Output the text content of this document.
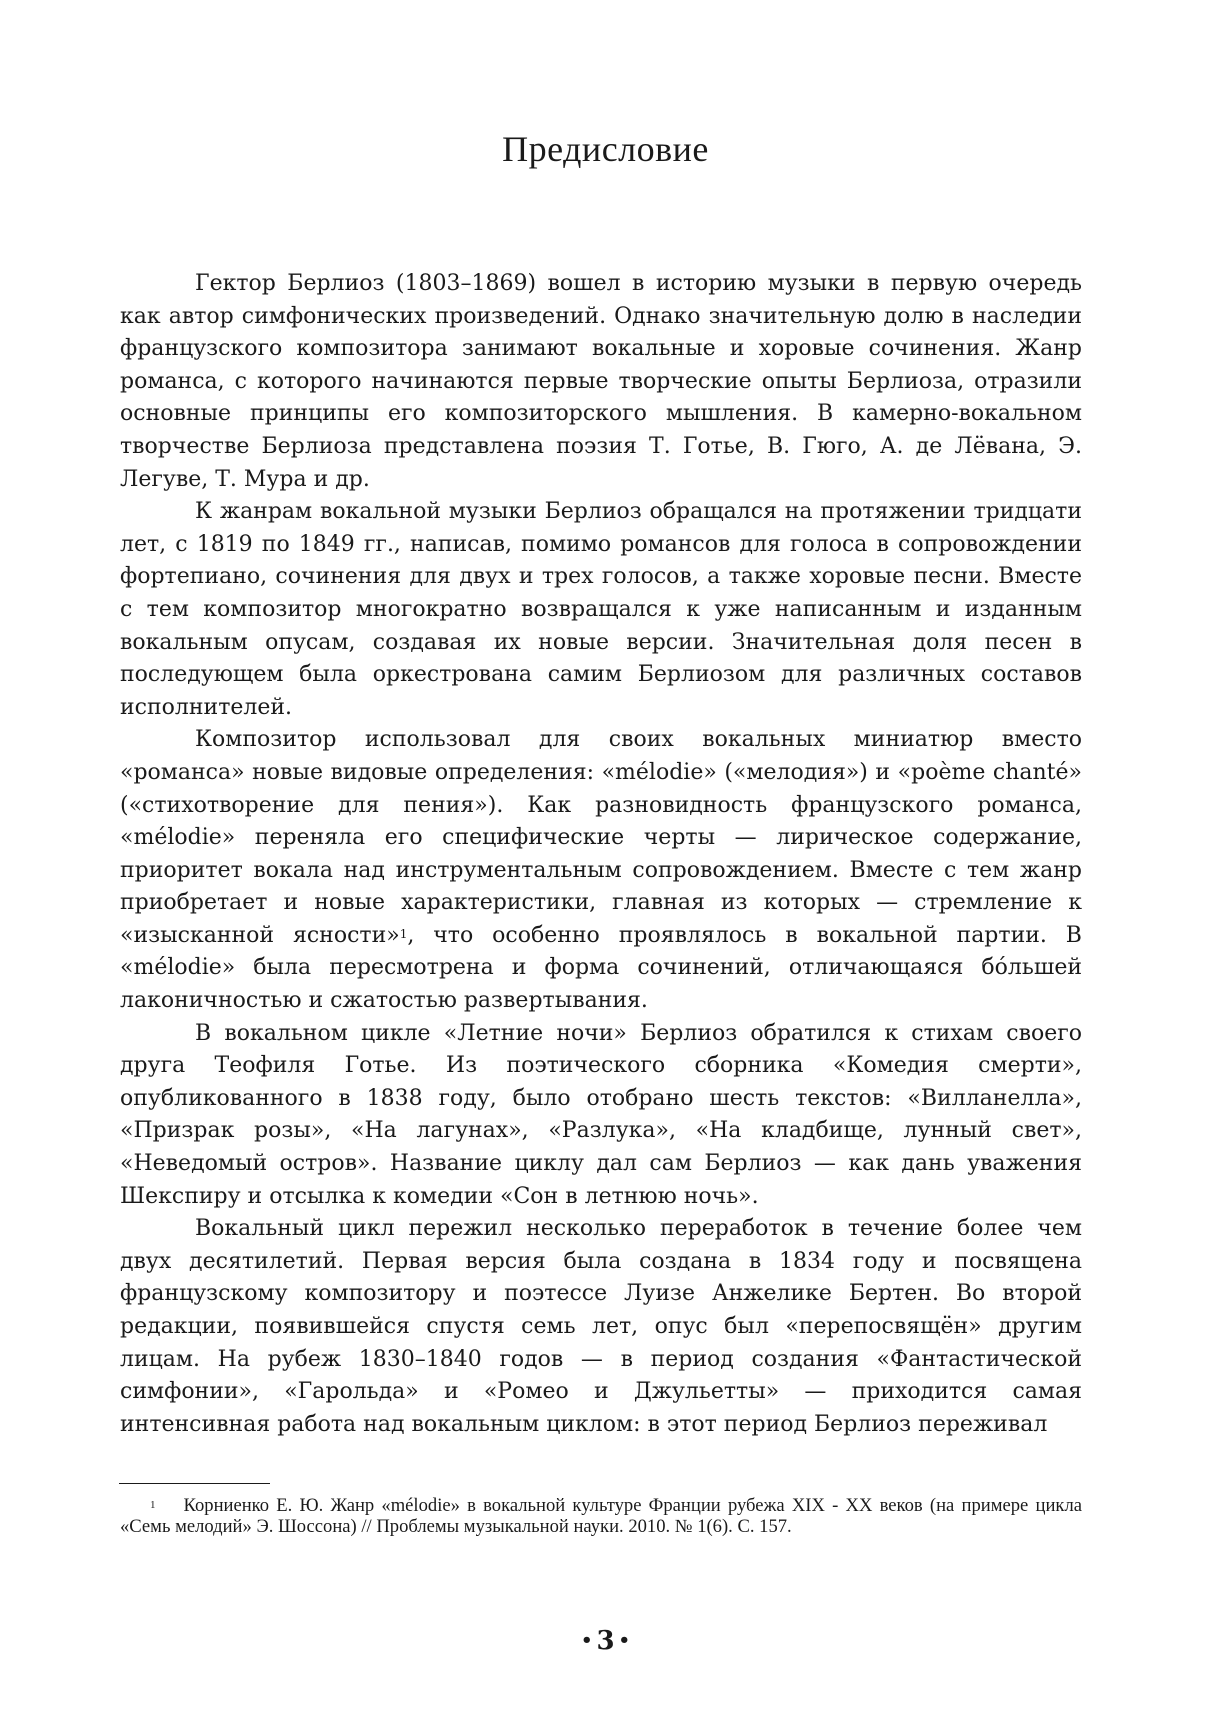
Предисловие

Гектор Берлиоз (1803–1869) вошел в историю музыки в первую очередь как автор симфонических произведений. Однако значительную долю в наследии французского композитора занимают вокальные и хоровые сочинения. Жанр романса, с которого начинаются первые творческие опыты Берлиоза, отразили основные принципы его композиторского мышления. В камерно-вокальном творчестве Берлиоза представлена поэзия Т. Готье, В. Гюго, А. де Лёвана, Э. Легуве, Т. Мура и др.

К жанрам вокальной музыки Берлиоз обращался на протяжении тридцати лет, с 1819 по 1849 гг., написав, помимо романсов для голоса в сопровождении фортепиано, сочинения для двух и трех голосов, а также хоровые песни. Вместе с тем композитор многократно возвращался к уже написанным и изданным вокальным опусам, создавая их новые версии. Значительная доля песен в последующем была оркестрована самим Берлиозом для различных составов исполнителей.

Композитор использовал для своих вокальных миниатюр вместо «романса» новые видовые определения: «mélodie» («мелодия») и «poème chanté» («стихотворение для пения»). Как разновидность французского романса, «mélodie» переняла его специфические черты — лирическое содержание, приоритет вокала над инструментальным сопровождением. Вместе с тем жанр приобретает и новые характеристики, главная из которых — стремление к «изысканной ясности»$^1$, что особенно проявлялось в вокальной партии. В «mélodie» была пересмотрена и форма сочинений, отличающаяся бóльшей лаконичностью и сжатостью развертывания.

В вокальном цикле «Летние ночи» Берлиоз обратился к стихам своего друга Теофиля Готье. Из поэтического сборника «Комедия смерти», опубликованного в 1838 году, было отобрано шесть текстов: «Вилланелла», «Призрак розы», «На лагунах», «Разлука», «На кладбище, лунный свет», «Неведомый остров». Название циклу дал сам Берлиоз — как дань уважения Шекспиру и отсылка к комедии «Сон в летнюю ночь».

Вокальный цикл пережил несколько переработок в течение более чем двух десятилетий. Первая версия была создана в 1834 году и посвящена французскому композитору и поэтессе Луизе Анжелике Бертен. Во второй редакции, появившейся спустя семь лет, опус был «перепосвящён» другим лицам. На рубеж 1830–1840 годов — в период создания «Фантастической симфонии», «Гарольда» и «Ромео и Джульетты» — приходится самая интенсивная работа над вокальным циклом: в этот период Берлиоз переживал

$^1$ Корниенко Е. Ю. Жанр «mélodie» в вокальной культуре Франции рубежа XIX - XX веков (на примере цикла «Семь мелодий» Э. Шоссона) // Проблемы музыкальной науки. 2010. № 1(6). С. 157.
• 3 •
